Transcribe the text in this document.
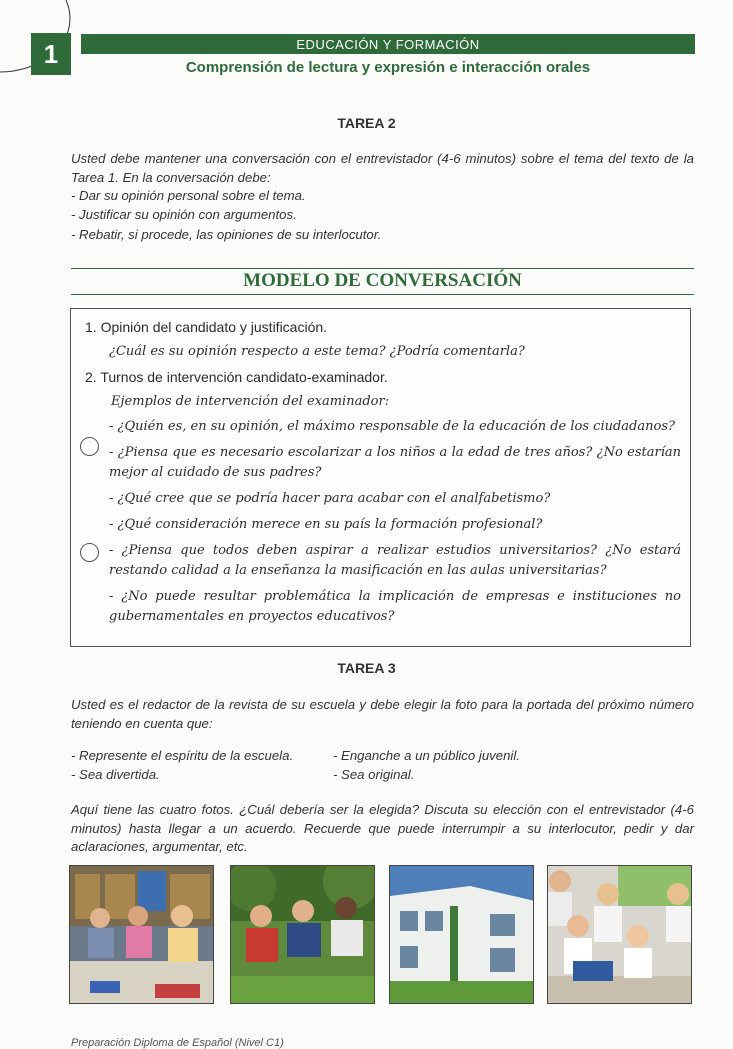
1	EDUCACIÓN Y FORMACIÓN
Comprensión de lectura y expresión e interacción orales
TAREA 2
Usted debe mantener una conversación con el entrevistador (4-6 minutos) sobre el tema del texto de la Tarea 1. En la conversación debe:
- Dar su opinión personal sobre el tema.
- Justificar su opinión con argumentos.
- Rebatir, si procede, las opiniones de su interlocutor.
MODELO DE CONVERSACIÓN
1. Opinión del candidato y justificación.
¿Cuál es su opinión respecto a este tema? ¿Podría comentarla?
2. Turnos de intervención candidato-examinador.
Ejemplos de intervención del examinador:
- ¿Quién es, en su opinión, el máximo responsable de la educación de los ciudadanos?
- ¿Piensa que es necesario escolarizar a los niños a la edad de tres años? ¿No estarían mejor al cuidado de sus padres?
- ¿Qué cree que se podría hacer para acabar con el analfabetismo?
- ¿Qué consideración merece en su país la formación profesional?
- ¿Piensa que todos deben aspirar a realizar estudios universitarios? ¿No estará restando calidad a la enseñanza la masificación en las aulas universitarias?
- ¿No puede resultar problemática la implicación de empresas e instituciones no gubernamentales en proyectos educativos?
TAREA 3

Usted es el redactor de la revista de su escuela y debe elegir la foto para la portada del próximo número teniendo en cuenta que:

- Represente el espíritu de la escuela.
- Sea divertida.
- Enganche a un público juvenil.
- Sea original.

Aquí tiene las cuatro fotos. ¿Cuál debería ser la elegida? Discuta su elección con el entrevistador (4-6 minutos) hasta llegar a un acuerdo. Recuerde que puede interrumpir a su interlocutor, pedir y dar aclaraciones, argumentar, etc.

Preparación Diploma de Español (Nivel C1)
